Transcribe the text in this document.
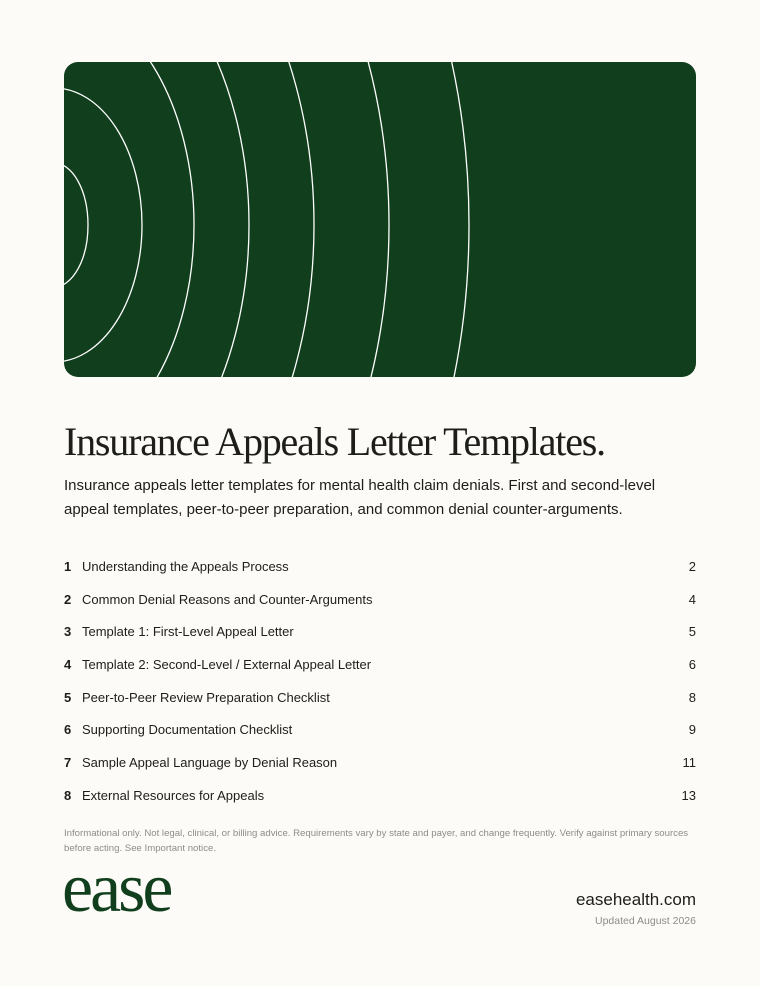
Insurance Appeals Letter Templates.

Insurance appeals letter templates for mental health claim denials. First and second-level appeal templates, peer-to-peer preparation, and common denial counter-arguments.

1 Understanding the Appeals Process	2
2 Common Denial Reasons and Counter-Arguments	4
3 Template 1: First-Level Appeal Letter	5
4 Template 2: Second-Level / External Appeal Letter	6
5 Peer-to-Peer Review Preparation Checklist	8
6 Supporting Documentation Checklist	9
7 Sample Appeal Language by Denial Reason	11
8 External Resources for Appeals	13

Informational only. Not legal, clinical, or billing advice. Requirements vary by state and payer, and change frequently. Verify against primary sources before acting. See Important notice.

ease	easehealth.com
Updated August 2026
